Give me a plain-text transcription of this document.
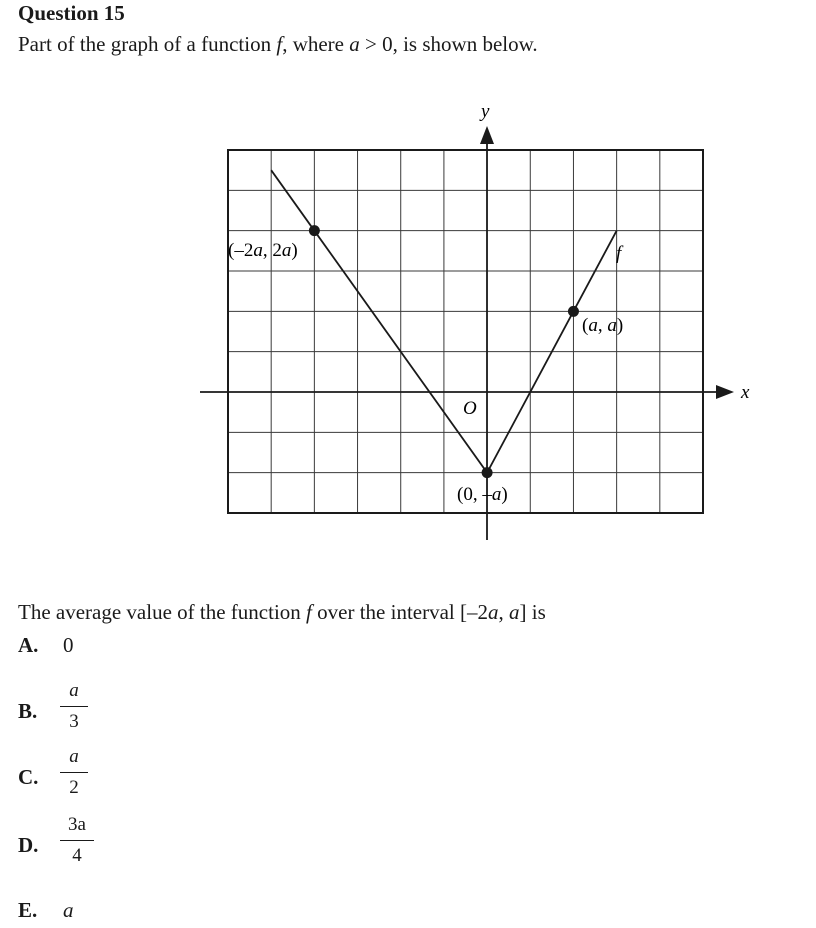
Question 15
Part of the graph of a function f, where a > 0, is shown below.
x
y
O
f
(–2a, 2a)
(a, a)
(0, –a)
The average value of the function f over the interval [–2a, a] is
A. 0
B.
a
3
C.
a
2
D.
3a
4
E. a
